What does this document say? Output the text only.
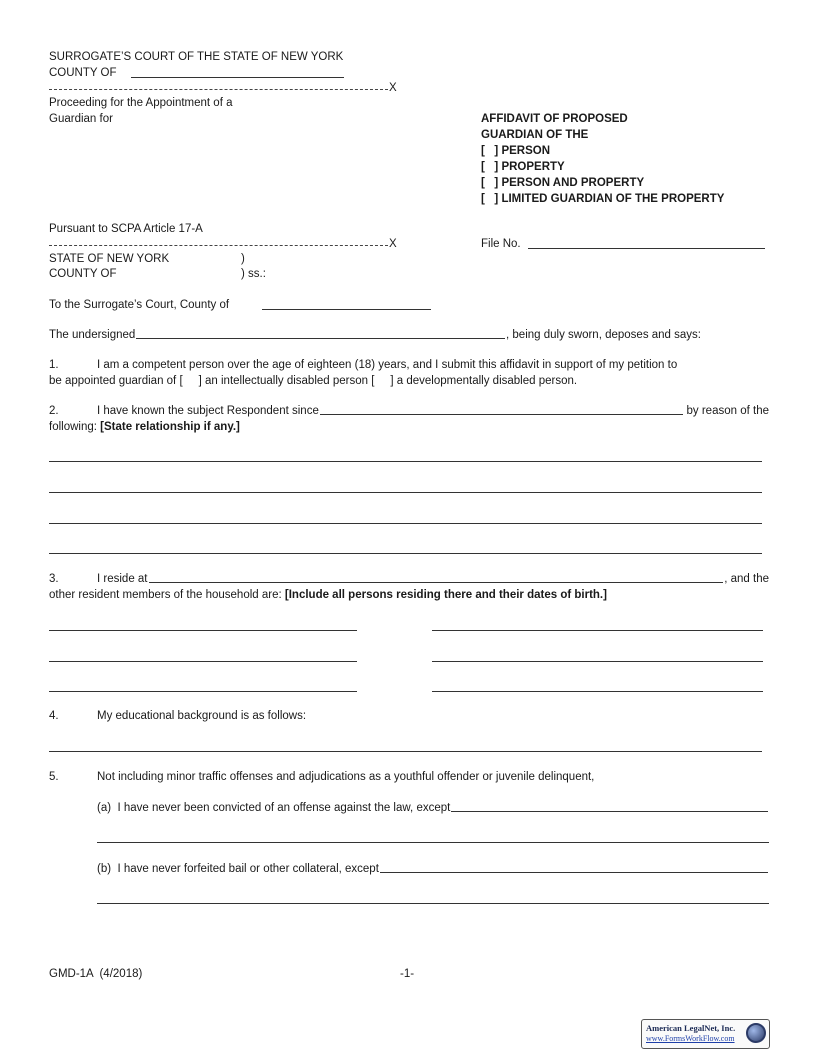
SURROGATE’S COURT OF THE STATE OF NEW YORK
COUNTY OF
X
Proceeding for the Appointment of a
Guardian for	AFFIDAVIT OF PROPOSED
GUARDIAN OF THE
[   ] PERSON
[   ] PROPERTY
[   ] PERSON AND PROPERTY
[   ] LIMITED GUARDIAN OF THE PROPERTY
Pursuant to SCPA Article 17-A
X	File No.
STATE OF NEW YORK	)
COUNTY OF	) ss.:
To the Surrogate’s Court, County of
The undersigned	, being duly sworn, deposes and says:
1.	I am a competent person over the age of eighteen (18) years, and I submit this affidavit in support of my petition to
be appointed guardian of [     ] an intellectually disabled person [     ] a developmentally disabled person.
2.	I have known the subject Respondent since	by reason of the
following: [State relationship if any.]
3.	I reside at	, and the
other resident members of the household are: [Include all persons residing there and their dates of birth.]
4.	My educational background is as follows:
5.	Not including minor traffic offenses and adjudications as a youthful offender or juvenile delinquent,
(a)  I have never been convicted of an offense against the law, except
(b)  I have never forfeited bail or other collateral, except
GMD-1A  (4/2018)	-1-
American LegalNet, Inc.
www.FormsWorkFlow.com
